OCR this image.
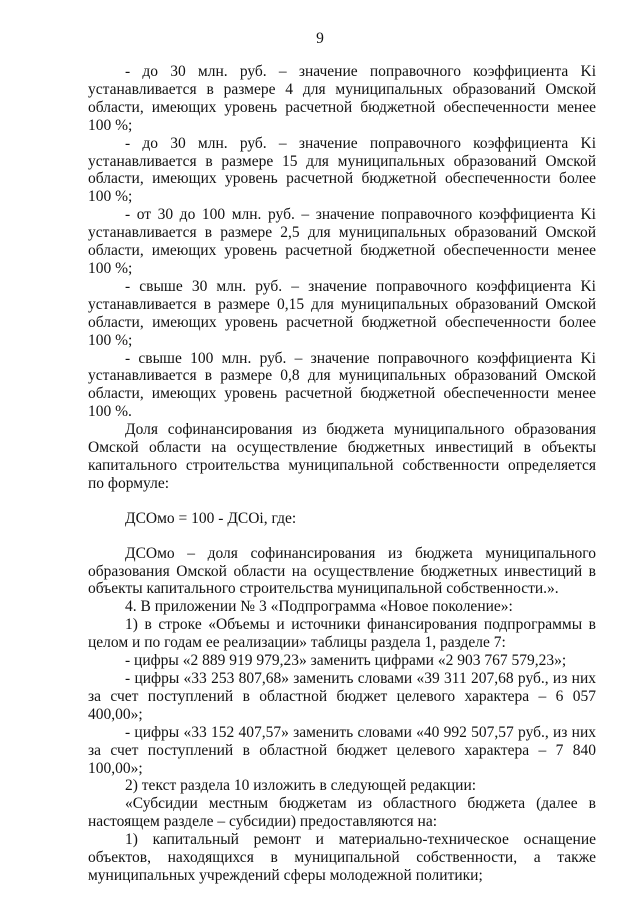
9

- до 30 млн. руб. – значение поправочного коэффициента Ki устанавливается в размере 4 для муниципальных образований Омской области, имеющих уровень расчетной бюджетной обеспеченности менее 100 %;

- до 30 млн. руб. – значение поправочного коэффициента Ki устанавливается в размере 15 для муниципальных образований Омской области, имеющих уровень расчетной бюджетной обеспеченности более 100 %;

- от 30 до 100 млн. руб. – значение поправочного коэффициента Ki устанавливается в размере 2,5 для муниципальных образований Омской области, имеющих уровень расчетной бюджетной обеспеченности менее 100 %;

- свыше 30 млн. руб. – значение поправочного коэффициента Ki устанавливается в размере 0,15 для муниципальных образований Омской области, имеющих уровень расчетной бюджетной обеспеченности более 100 %;

- свыше 100 млн. руб. – значение поправочного коэффициента Ki устанавливается в размере 0,8 для муниципальных образований Омской области, имеющих уровень расчетной бюджетной обеспеченности менее 100 %.

Доля софинансирования из бюджета муниципального образования Омской области на осуществление бюджетных инвестиций в объекты капитального строительства муниципальной собственности определяется по формуле:

ДСОмо = 100 - ДСОi, где:

ДСОмо – доля софинансирования из бюджета муниципального образования Омской области на осуществление бюджетных инвестиций в объекты капитального строительства муниципальной собственности.».

4. В приложении № 3 «Подпрограмма «Новое поколение»:

1) в строке «Объемы и источники финансирования подпрограммы в целом и по годам ее реализации» таблицы раздела 1, разделе 7:

- цифры «2 889 919 979,23» заменить цифрами «2 903 767 579,23»;

- цифры «33 253 807,68» заменить словами «39 311 207,68 руб., из них за счет поступлений в областной бюджет целевого характера – 6 057 400,00»;

- цифры «33 152 407,57» заменить словами «40 992 507,57 руб., из них за счет поступлений в областной бюджет целевого характера – 7 840 100,00»;

2) текст раздела 10 изложить в следующей редакции:

«Субсидии местным бюджетам из областного бюджета (далее в настоящем разделе – субсидии) предоставляются на:

1) капитальный ремонт и материально-техническое оснащение объектов, находящихся в муниципальной собственности, а также муниципальных учреждений сферы молодежной политики;
